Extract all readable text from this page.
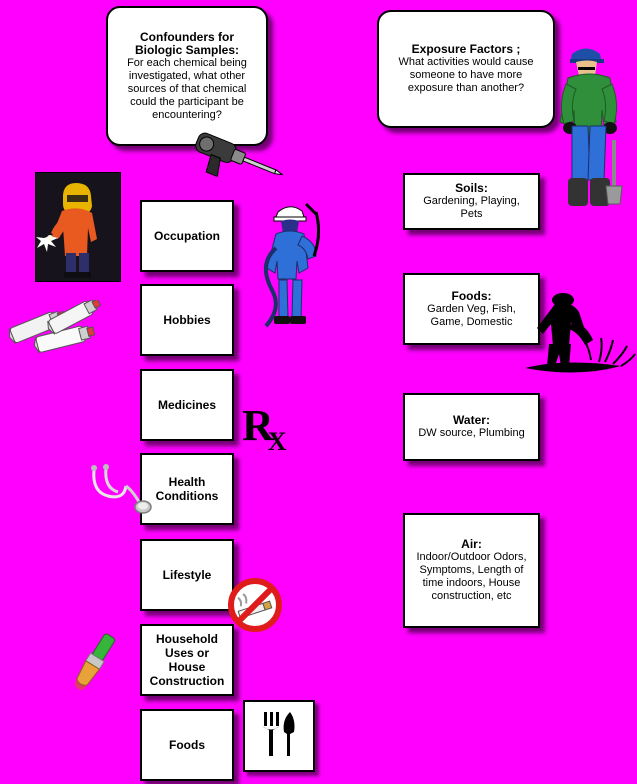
Confounders for Biologic Samples:
For each chemical being investigated, what other sources of that chemical could the participant be encountering?
Exposure Factors ;
What activities would cause someone to have more exposure than another?
Soils:
Gardening, Playing, Pets
Foods:
Garden Veg, Fish, Game, Domestic
Water:
DW source, Plumbing
Air:
Indoor/Outdoor Odors, Symptoms, Length of time indoors, House construction, etc
Occupation
Hobbies
Medicines
Health Conditions
Lifestyle
Household Uses or House Construction
Foods
$R_X$
